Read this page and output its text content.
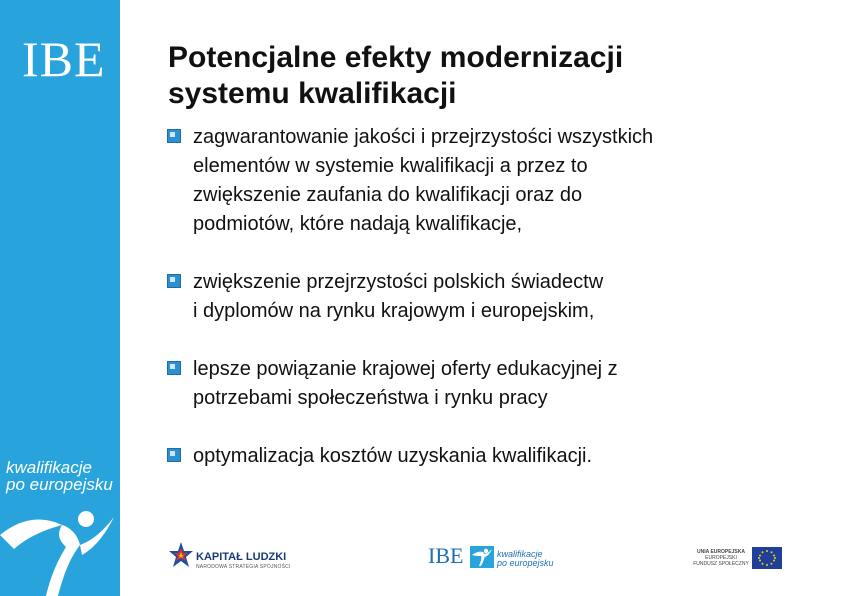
IBE
kwalifikacje
po europejsku
Potencjalne efekty modernizacji
systemu kwalifikacji
zagwarantowanie jakości i przejrzystości wszystkich
elementów w systemie kwalifikacji a przez to
zwiększenie zaufania do kwalifikacji oraz do
podmiotów, które nadają kwalifikacje,
zwiększenie przejrzystości polskich świadectw
i dyplomów na rynku krajowym i europejskim,
lepsze powiązanie krajowej oferty edukacyjnej z
potrzebami społeczeństwa i rynku pracy
optymalizacja kosztów uzyskania kwalifikacji.
KAPITAŁ LUDZKI
NARODOWA STRATEGIA SPÓJNOŚCI	IBE	kwalifikacje
po europejsku
UNIA EUROPEJSKA
EUROPEJSKI
FUNDUSZ SPOŁECZNY
